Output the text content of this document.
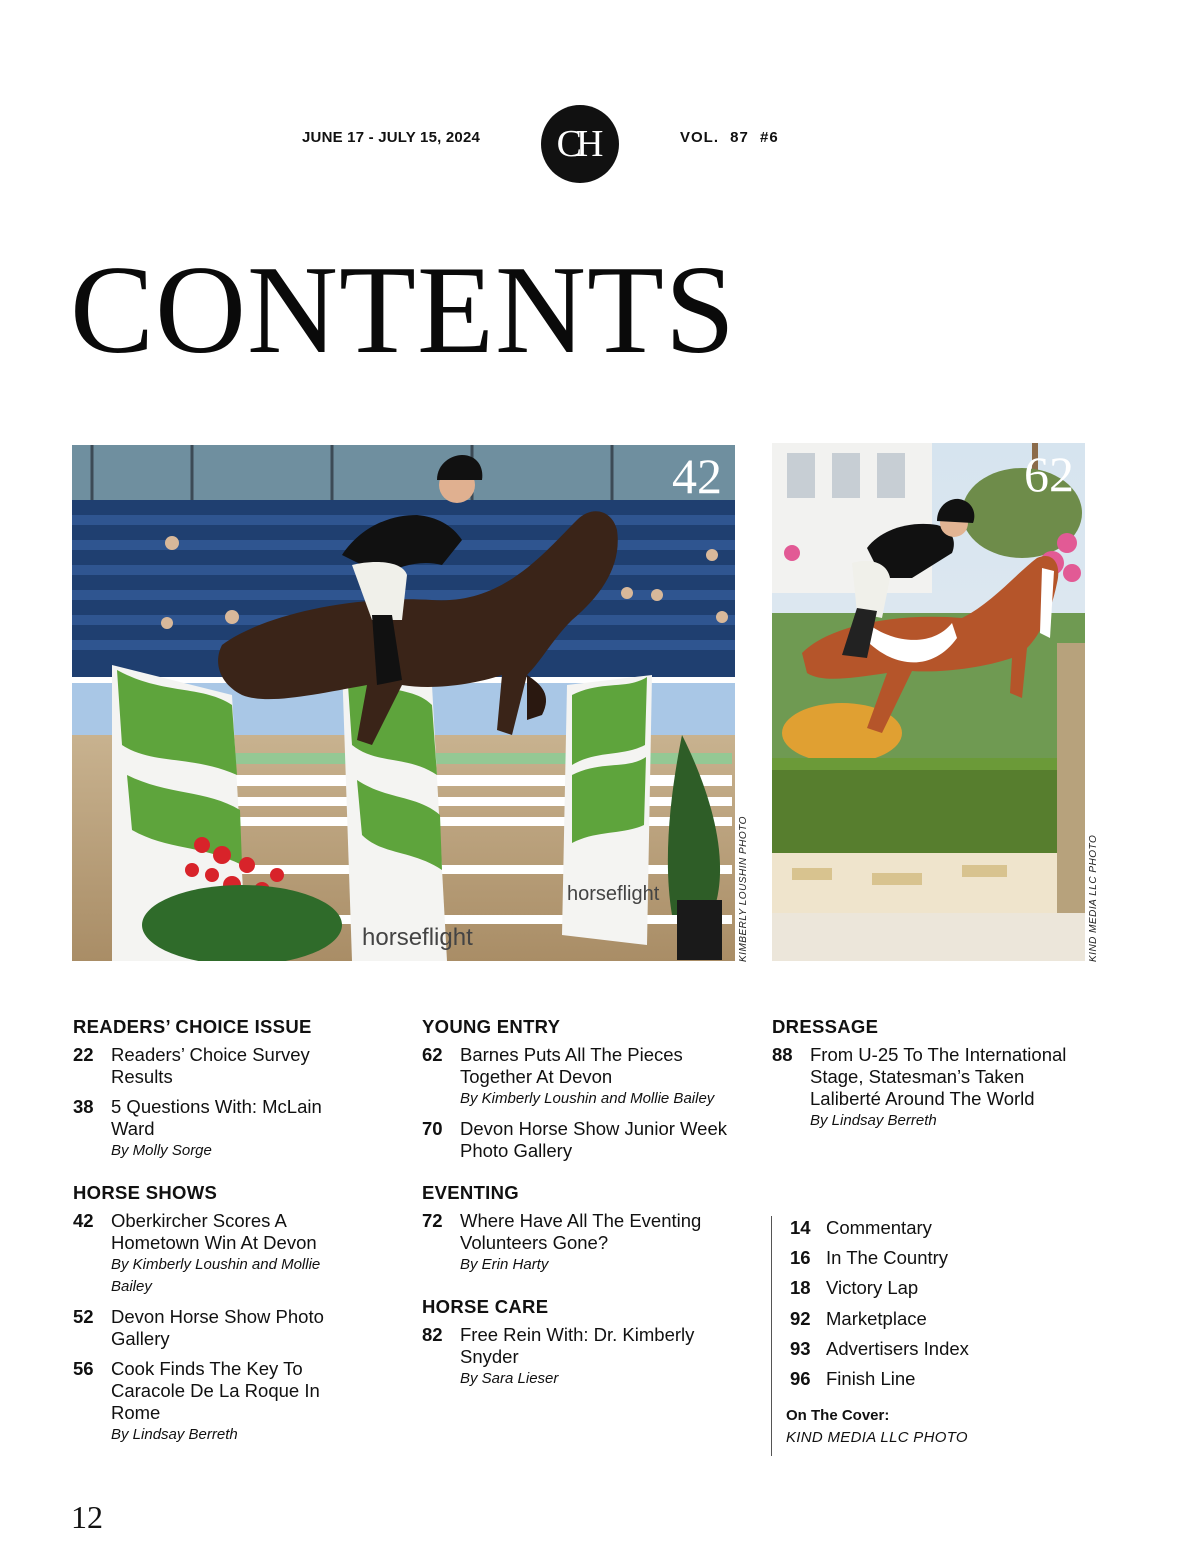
JUNE 17 - JULY 15, 2024 CH	VOL. 87 #6
CONTENTS
horseflight
horseflight
42
KIMBERLY LOUSHIN PHOTO
62
KIND MEDIA LLC PHOTO
READERS’ CHOICE ISSUE
22 Readers’ Choice Survey Results
38 5 Questions With: McLain Ward
By Molly Sorge
HORSE SHOWS
42 Oberkircher Scores A Hometown Win At Devon
By Kimberly Loushin and Mollie Bailey
52 Devon Horse Show Photo Gallery
56 Cook Finds The Key To Caracole De La Roque In Rome
By Lindsay Berreth
YOUNG ENTRY
62 Barnes Puts All The Pieces Together At Devon
By Kimberly Loushin and Mollie Bailey
70 Devon Horse Show Junior Week Photo Gallery
EVENTING
72 Where Have All The Eventing Volunteers Gone?
By Erin Harty
HORSE CARE
82 Free Rein With: Dr. Kimberly Snyder
By Sara Lieser
DRESSAGE
88 From U-25 To The International Stage, Statesman’s Taken Laliberté Around The World
By Lindsay Berreth
14 Commentary
16 In The Country
18 Victory Lap
92 Marketplace
93 Advertisers Index
96 Finish Line
On The Cover:
KIND MEDIA LLC PHOTO
12
